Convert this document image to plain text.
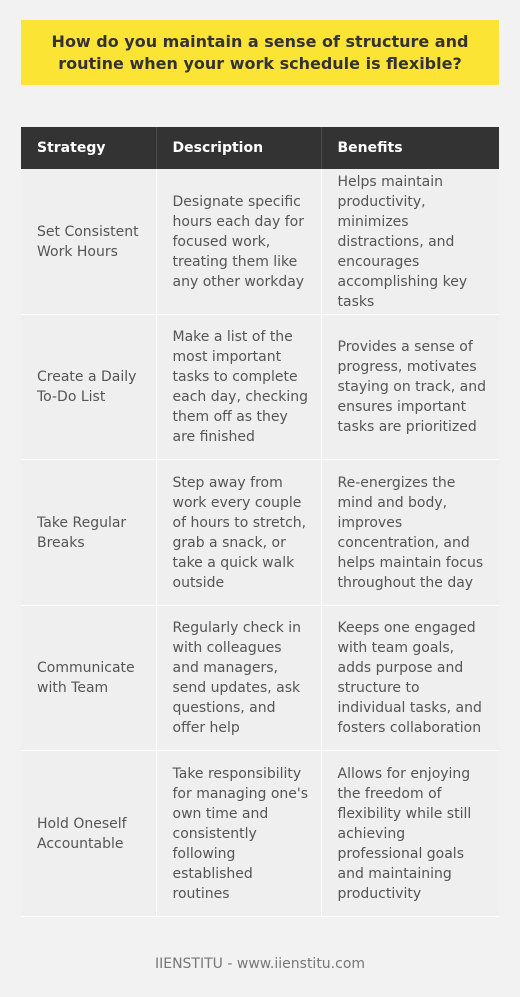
How do you maintain a sense of structure and routine when your work schedule is flexible?
Strategy	Description	Benefits
Set Consistent Work Hours	Designate specific hours each day for focused work, treating them like any other workday	Helps maintain productivity, minimizes distractions, and encourages accomplishing key tasks
Create a Daily To-Do List	Make a list of the most important tasks to complete each day, checking them off as they are finished	Provides a sense of progress, motivates staying on track, and ensures important tasks are prioritized
Take Regular Breaks	Step away from work every couple of hours to stretch, grab a snack, or take a quick walk outside	Re-energizes the mind and body, improves concentration, and helps maintain focus throughout the day
Communicate with Team	Regularly check in with colleagues and managers, send updates, ask questions, and offer help	Keeps one engaged with team goals, adds purpose and structure to individual tasks, and fosters collaboration
Hold Oneself Accountable	Take responsibility for managing one's own time and consistently following established routines	Allows for enjoying the freedom of flexibility while still achieving professional goals and maintaining productivity
IIENSTITU - www.iienstitu.com
